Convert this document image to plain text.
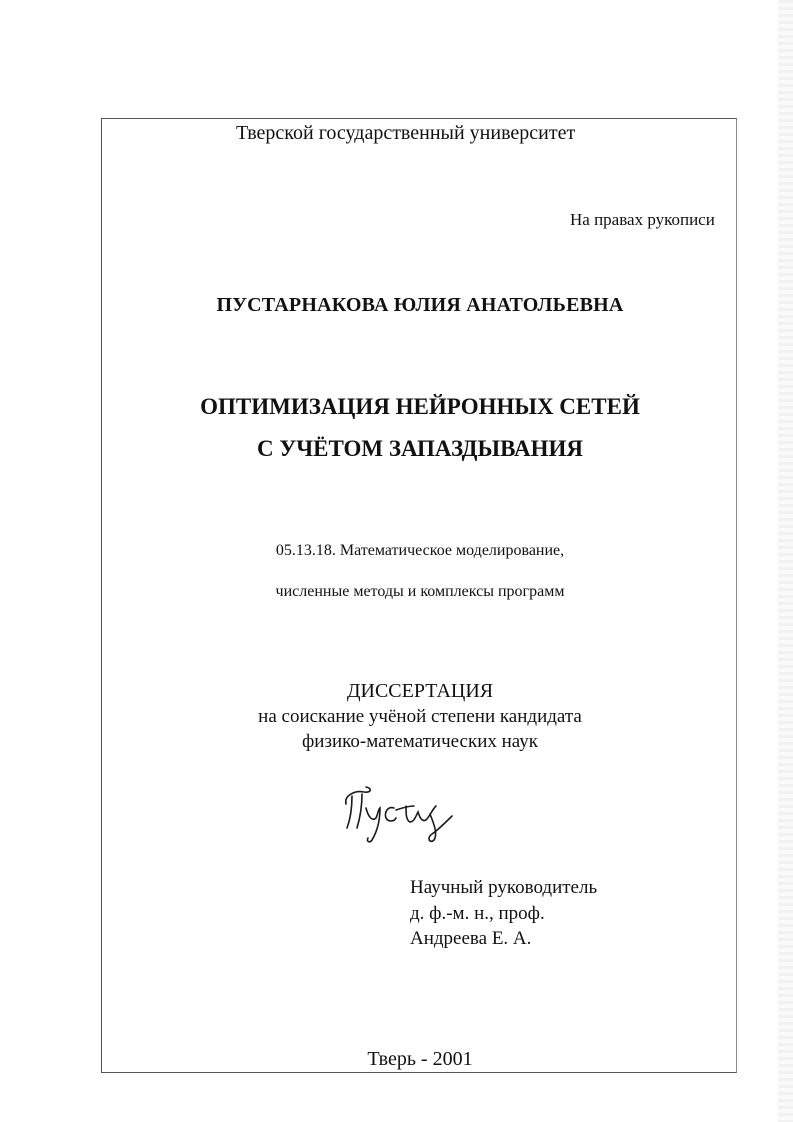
Тверской государственный университет
На правах рукописи
ПУСТАРНАКОВА ЮЛИЯ АНАТОЛЬЕВНА
ОПТИМИЗАЦИЯ НЕЙРОННЫХ СЕТЕЙ
С УЧЁТОМ ЗАПАЗДЫВАНИЯ
05.13.18. Математическое моделирование,
численные методы и комплексы программ
ДИССЕРТАЦИЯ
на соискание учёной степени кандидата
физико-математических наук
Научный руководитель
д. ф.-м. н., проф.
Андреева Е. А.
Тверь - 2001
